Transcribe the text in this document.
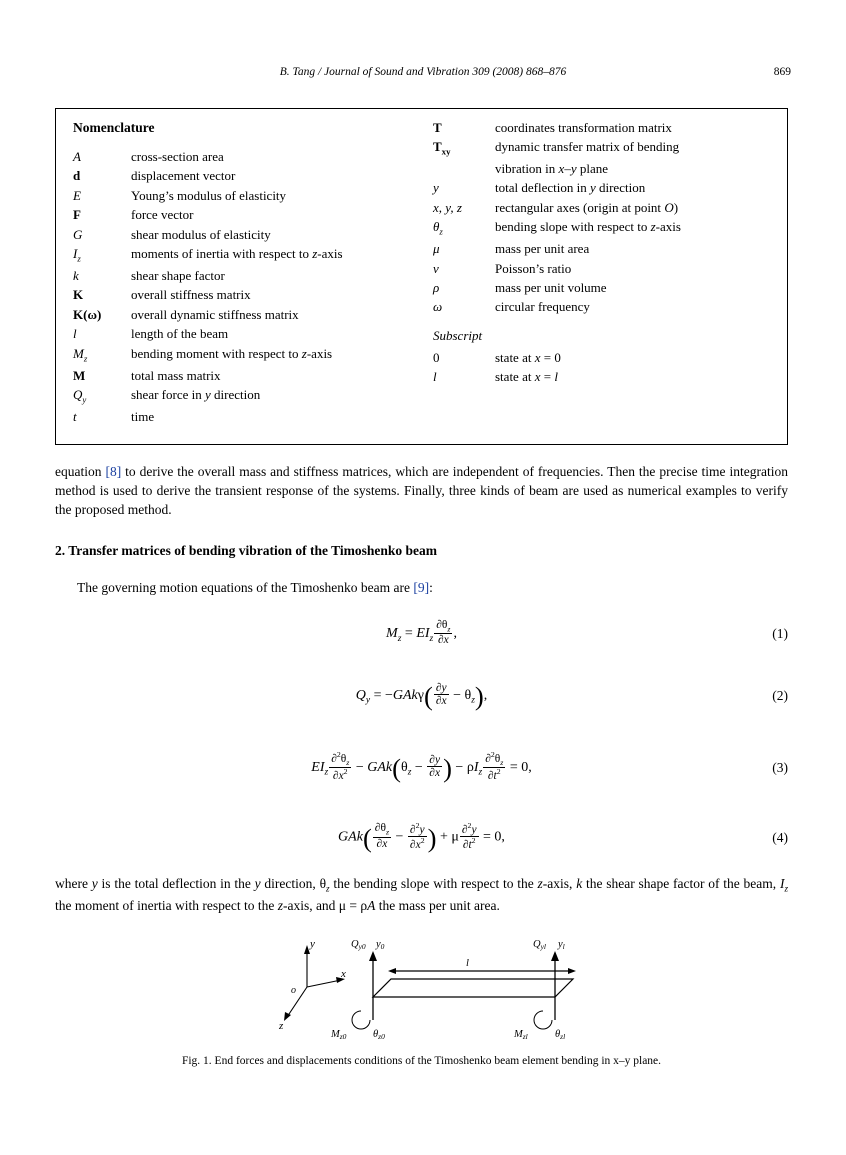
B. Tang / Journal of Sound and Vibration 309 (2008) 868–876	869
Nomenclature
A	cross-section area
d	displacement vector
E	Young’s modulus of elasticity
F	force vector
G	shear modulus of elasticity
$I_z$	moments of inertia with respect to z-axis
k	shear shape factor
K	overall stiffness matrix
K(ω)	overall dynamic stiffness matrix
l	length of the beam
$M_z$	bending moment with respect to z-axis
M	total mass matrix
$Q_y$	shear force in y direction
t	time
T	coordinates transformation matrix
$T_{xy}$	dynamic transfer matrix of bending
vibration in x–y plane
y	total deflection in y direction
x, y, z	rectangular axes (origin at point O)
$\theta_z$	bending slope with respect to z-axis
μ	mass per unit area
v	Poisson’s ratio
ρ	mass per unit volume
ω	circular frequency
Subscript
0	state at x = 0
l	state at x = l
equation [8] to derive the overall mass and stiffness matrices, which are independent of frequencies. Then the precise time integration method is used to derive the transient response of the systems. Finally, three kinds of beam are used as numerical examples to verify the proposed method.
2. Transfer matrices of bending vibration of the Timoshenko beam
The governing motion equations of the Timoshenko beam are [9]:
$M_z = EI_z \frac{\partial\theta_z}{\partial x}$ ,	(1)
$Q_y = -GAk\gamma( \frac{\partial y}{\partial x} - \theta_z)$,	(2)
$EI_z \frac{\partial^2\theta_z}{\partial x^2} - GAk(\theta_z - \frac{\partial y}{\partial x}$ ) − $\rho I_z \frac{\partial^2\theta_z}{\partial t^2} = 0$,	(3)
$GAk( \frac{\partial\theta_z}{\partial x} - \frac{\partial^2y}{\partial x^2}$ ) + μ $\frac{\partial^2y}{\partial t^2} = 0$,	(4)
where y is the total deflection in the y direction, $\theta_z$ the bending slope with respect to the z-axis, k the shear shape factor of the beam, $I_z$ the moment of inertia with respect to the z-axis, and μ = ρA the mass per unit area.
y
x
z
o
Qy0 y0
l
Qyl yl
Mz0	θz0	Mzl	θzl
Fig. 1. End forces and displacements conditions of the Timoshenko beam element bending in x–y plane.
